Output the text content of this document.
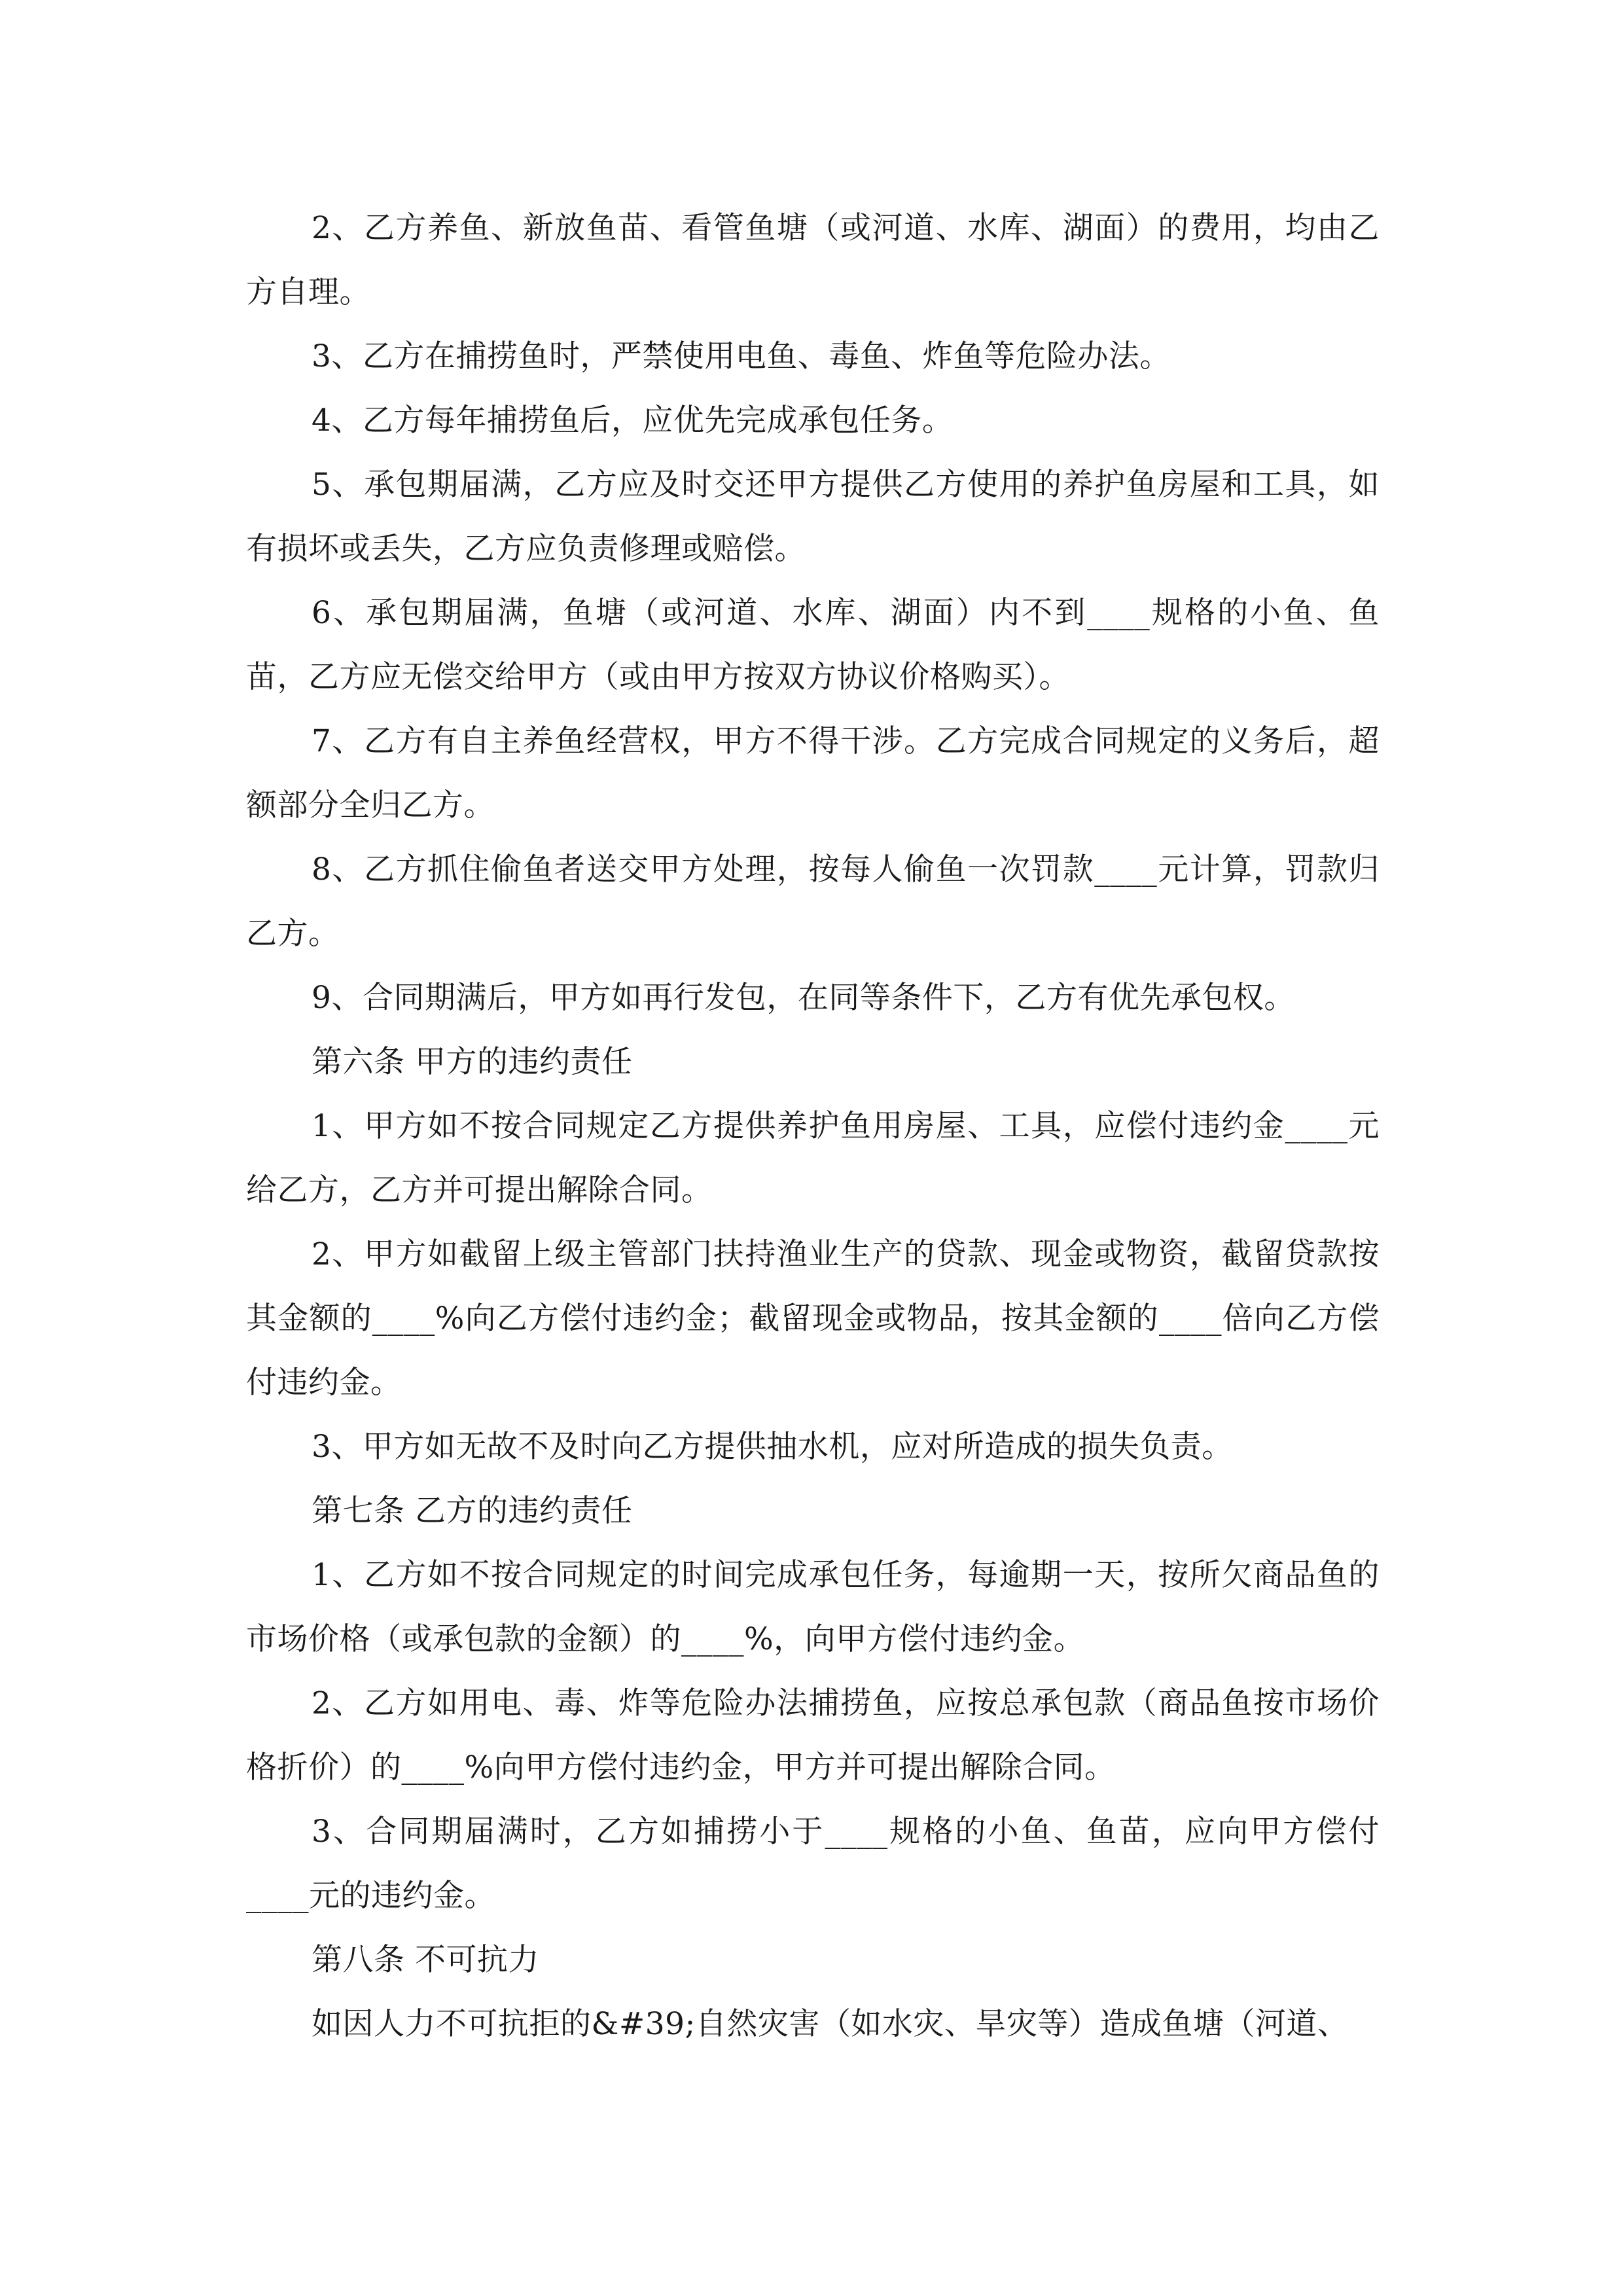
2、乙方养鱼、新放鱼苗、看管鱼塘（或河道、水库、湖面）的费用，均由乙方自理。

3、乙方在捕捞鱼时，严禁使用电鱼、毒鱼、炸鱼等危险办法。

4、乙方每年捕捞鱼后，应优先完成承包任务。

5、承包期届满，乙方应及时交还甲方提供乙方使用的养护鱼房屋和工具，如有损坏或丢失，乙方应负责修理或赔偿。

6、承包期届满，鱼塘（或河道、水库、湖面）内不到____规格的小鱼、鱼苗，乙方应无偿交给甲方（或由甲方按双方协议价格购买）。

7、乙方有自主养鱼经营权，甲方不得干涉。乙方完成合同规定的义务后，超额部分全归乙方。

8、乙方抓住偷鱼者送交甲方处理，按每人偷鱼一次罚款____元计算，罚款归乙方。

9、合同期满后，甲方如再行发包，在同等条件下，乙方有优先承包权。

第六条 甲方的违约责任

1、甲方如不按合同规定乙方提供养护鱼用房屋、工具，应偿付违约金____元给乙方，乙方并可提出解除合同。

2、甲方如截留上级主管部门扶持渔业生产的贷款、现金或物资，截留贷款按其金额的____%向乙方偿付违约金；截留现金或物品，按其金额的____倍向乙方偿付违约金。

3、甲方如无故不及时向乙方提供抽水机，应对所造成的损失负责。

第七条 乙方的违约责任

1、乙方如不按合同规定的时间完成承包任务，每逾期一天，按所欠商品鱼的市场价格（或承包款的金额）的____%，向甲方偿付违约金。

2、乙方如用电、毒、炸等危险办法捕捞鱼，应按总承包款（商品鱼按市场价格折价）的____%向甲方偿付违约金，甲方并可提出解除合同。

3、合同期届满时，乙方如捕捞小于____规格的小鱼、鱼苗，应向甲方偿付____元的违约金。

第八条 不可抗力

如因人力不可抗拒的&#39;自然灾害（如水灾、旱灾等）造成鱼塘（河道、
